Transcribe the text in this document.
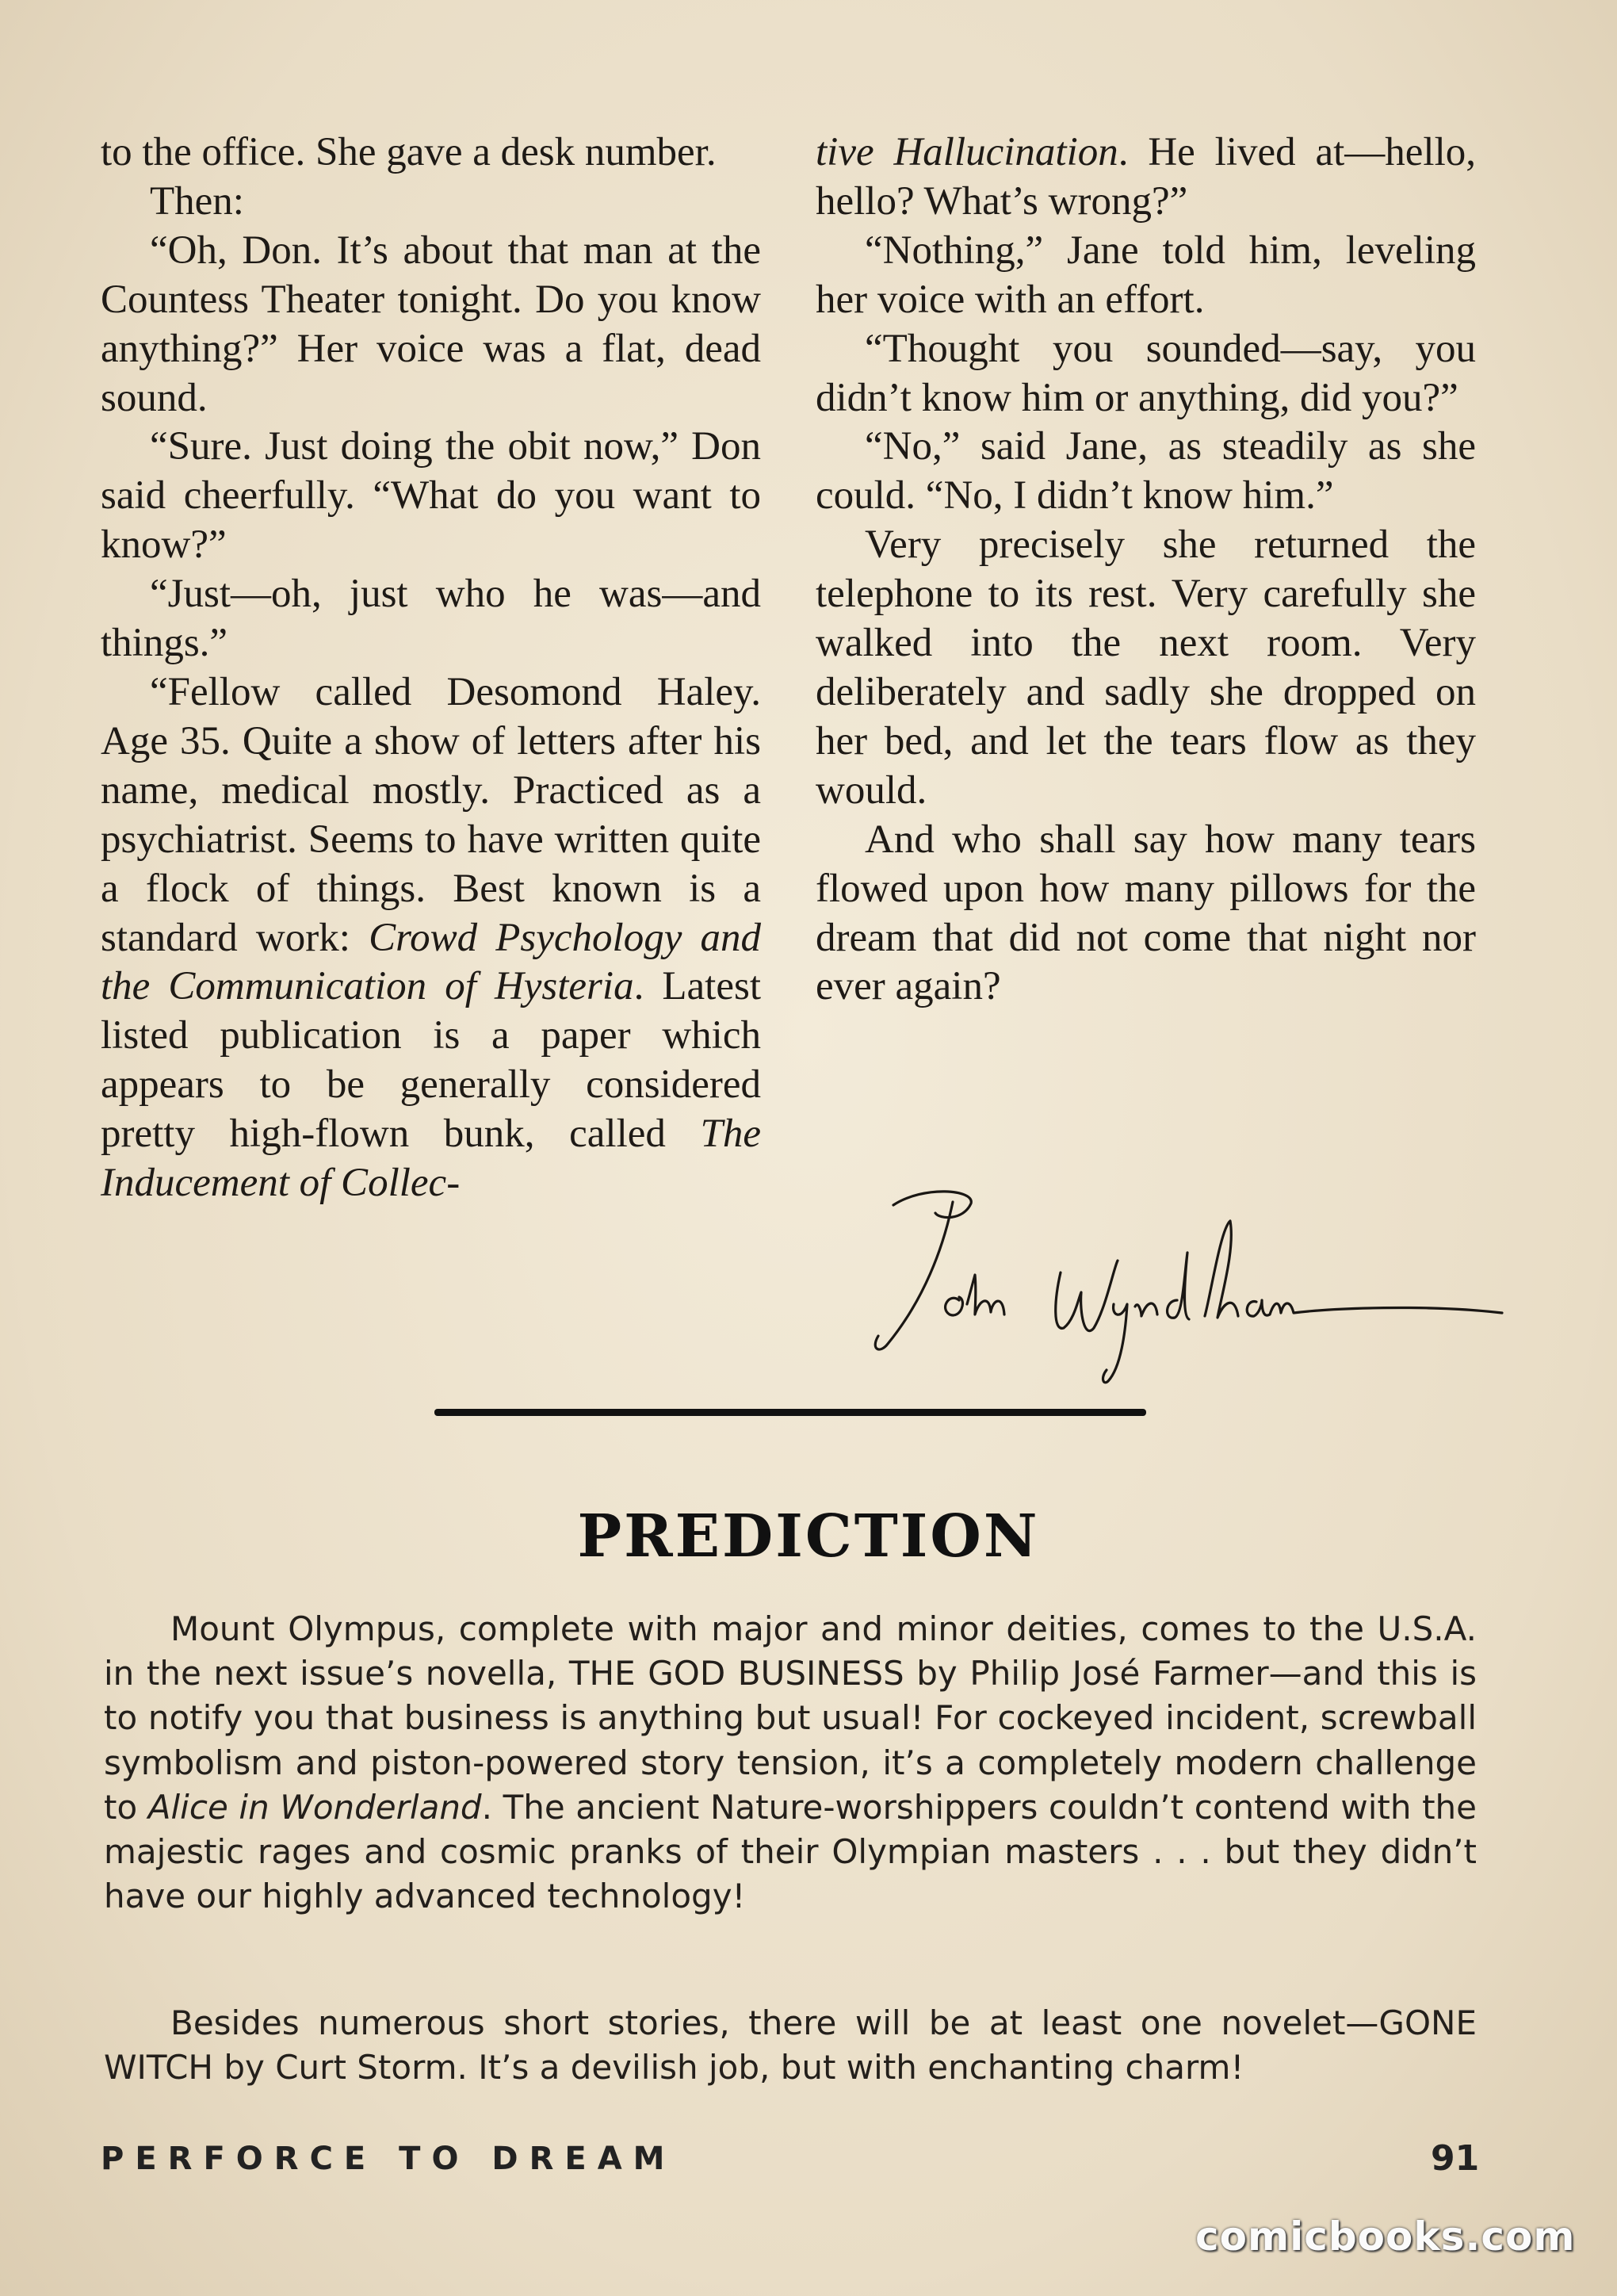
to the office. She gave a desk number.

Then:

“Oh, Don. It’s about that man at the Countess Theater tonight. Do you know anything?” Her voice was a flat, dead sound.

“Sure. Just doing the obit now,” Don said cheerfully. “What do you want to know?”

“Just—oh, just who he was—and things.”

“Fellow called Desomond Haley. Age 35. Quite a show of letters after his name, medical mostly. Practiced as a psychiatrist. Seems to have written quite a flock of things. Best known is a standard work: Crowd Psychology and the Communication of Hysteria. Latest listed publication is a paper which appears to be generally considered pretty high-flown bunk, called The Inducement of Collec-

tive Hallucination. He lived at—hello, hello? What’s wrong?”

“Nothing,” Jane told him, leveling her voice with an effort.

“Thought you sounded—say, you didn’t know him or anything, did you?”

“No,” said Jane, as steadily as she could. “No, I didn’t know him.”

Very precisely she returned the telephone to its rest. Very carefully she walked into the next room. Very deliberately and sadly she dropped on her bed, and let the tears flow as they would.

And who shall say how many tears flowed upon how many pillows for the dream that did not come that night nor ever again?

PREDICTION

Mount Olympus, complete with major and minor deities, comes to the U.S.A. in the next issue’s novella, THE GOD BUSINESS by Philip José Farmer—and this is to notify you that business is anything but usual! For cockeyed incident, screwball symbolism and piston-powered story tension, it’s a completely modern challenge to Alice in Wonderland. The ancient Nature-worshippers couldn’t contend with the majestic rages and cosmic pranks of their Olympian masters . . . but they didn’t have our highly advanced technology!

Besides numerous short stories, there will be at least one novelet—GONE WITCH by Curt Storm. It’s a devilish job, but with enchanting charm!

PERFORCE TO DREAM	91
comicbooks.com
